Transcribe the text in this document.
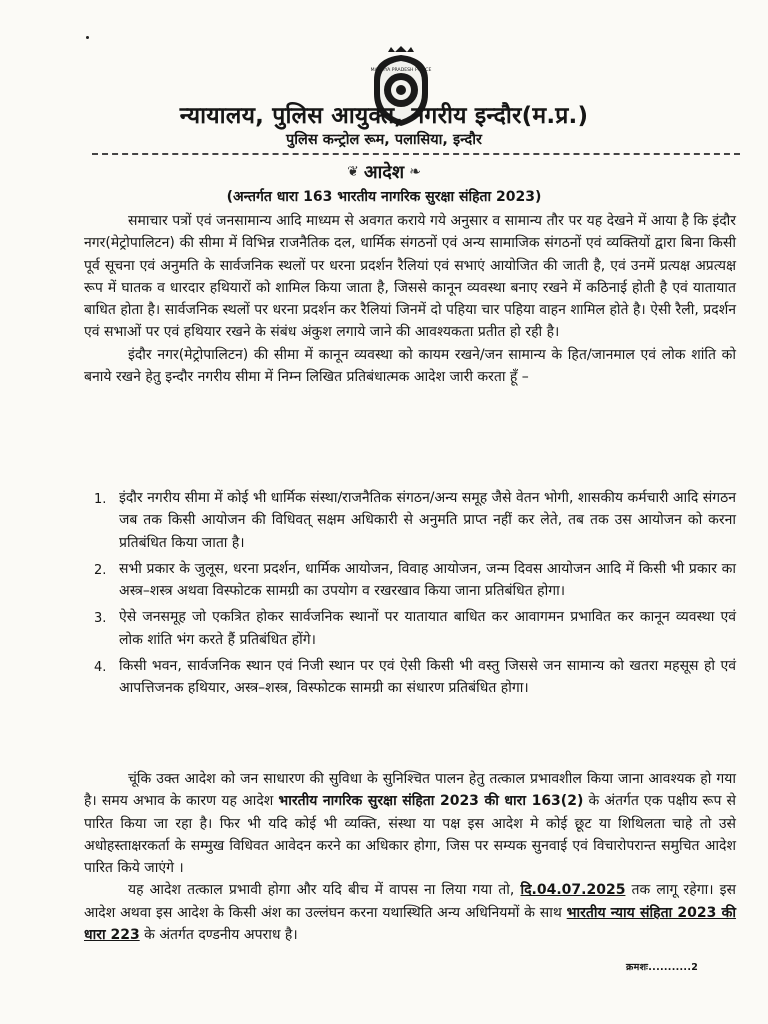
MADHYA PRADESH POLICE
न्यायालय, पुलिस आयुक्त, नगरीय इन्दौर(म.प्र.)
पुलिस कन्ट्रोल रूम, पलासिया, इन्दौर
❦ आदेश ❧
(अन्तर्गत धारा 163 भारतीय नागरिक सुरक्षा संहिता 2023)

समाचार पत्रों एवं जनसामान्य आदि माध्यम से अवगत कराये गये अनुसार व सामान्य तौर पर यह देखने में आया है कि इंदौर नगर(मेट्रोपालिटन) की सीमा में विभिन्न राजनैतिक दल, धार्मिक संगठनों एवं अन्य सामाजिक संगठनों एवं व्यक्तियों द्वारा बिना किसी पूर्व सूचना एवं अनुमति के सार्वजनिक स्थलों पर धरना प्रदर्शन रैलियां एवं सभाएं आयोजित की जाती है, एवं उनमें प्रत्यक्ष अप्रत्यक्ष रूप में घातक व धारदार हथियारों को शामिल किया जाता है, जिससे कानून व्यवस्था बनाए रखने में कठिनाई होती है एवं यातायात बाधित होता है। सार्वजनिक स्थलों पर धरना प्रदर्शन कर रैलियां जिनमें दो पहिया चार पहिया वाहन शामिल होते है। ऐसी रैली, प्रदर्शन एवं सभाओं पर एवं हथियार रखने के संबंध अंकुश लगाये जाने की आवश्यकता प्रतीत हो रही है।

इंदौर नगर(मेट्रोपालिटन) की सीमा में कानून व्यवस्था को कायम रखने/जन सामान्य के हित/जानमाल एवं लोक शांति को बनाये रखने हेतु इन्दौर नगरीय सीमा में निम्न लिखित प्रतिबंधात्मक आदेश जारी करता हूँ –

1. इंदौर नगरीय सीमा में कोई भी धार्मिक संस्था/राजनैतिक संगठन/अन्य समूह जैसे वेतन भोगी, शासकीय कर्मचारी आदि संगठन जब तक किसी आयोजन की विधिवत् सक्षम अधिकारी से अनुमति प्राप्त नहीं कर लेते, तब तक उस आयोजन को करना प्रतिबंधित किया जाता है।
2. सभी प्रकार के जुलूस, धरना प्रदर्शन, धार्मिक आयोजन, विवाह आयोजन, जन्म दिवस आयोजन आदि में किसी भी प्रकार का अस्त्र–शस्त्र अथवा विस्फोटक सामग्री का उपयोग व रखरखाव किया जाना प्रतिबंधित होगा।
3. ऐसे जनसमूह जो एकत्रित होकर सार्वजनिक स्थानों पर यातायात बाधित कर आवागमन प्रभावित कर कानून व्यवस्था एवं लोक शांति भंग करते हैं प्रतिबंधित होंगे।
4. किसी भवन, सार्वजनिक स्थान एवं निजी स्थान पर एवं ऐसी किसी भी वस्तु जिससे जन सामान्य को खतरा महसूस हो एवं आपत्तिजनक हथियार, अस्त्र–शस्त्र, विस्फोटक सामग्री का संधारण प्रतिबंधित होगा।

चूंकि उक्त आदेश को जन साधारण की सुविधा के सुनिश्चित पालन हेतु तत्काल प्रभावशील किया जाना आवश्यक हो गया है। समय अभाव के कारण यह आदेश भारतीय नागरिक सुरक्षा संहिता 2023 की धारा 163(2) के अंतर्गत एक पक्षीय रूप से पारित किया जा रहा है। फिर भी यदि कोई भी व्यक्ति, संस्था या पक्ष इस आदेश मे कोई छूट या शिथिलता चाहे तो उसे अधोहस्ताक्षरकर्ता के सम्मुख विधिवत आवेदन करने का अधिकार होगा, जिस पर सम्यक सुनवाई एवं विचारोपरान्त समुचित आदेश पारित किये जाएंगे ।

यह आदेश तत्काल प्रभावी होगा और यदि बीच में वापस ना लिया गया तो, दि.04.07.2025 तक लागू रहेगा। इस आदेश अथवा इस आदेश के किसी अंश का उल्लंघन करना यथास्थिति अन्य अधिनियमों के साथ भारतीय न्याय संहिता 2023 की धारा 223 के अंतर्गत दण्डनीय अपराध है।

क्रमशः...........2
